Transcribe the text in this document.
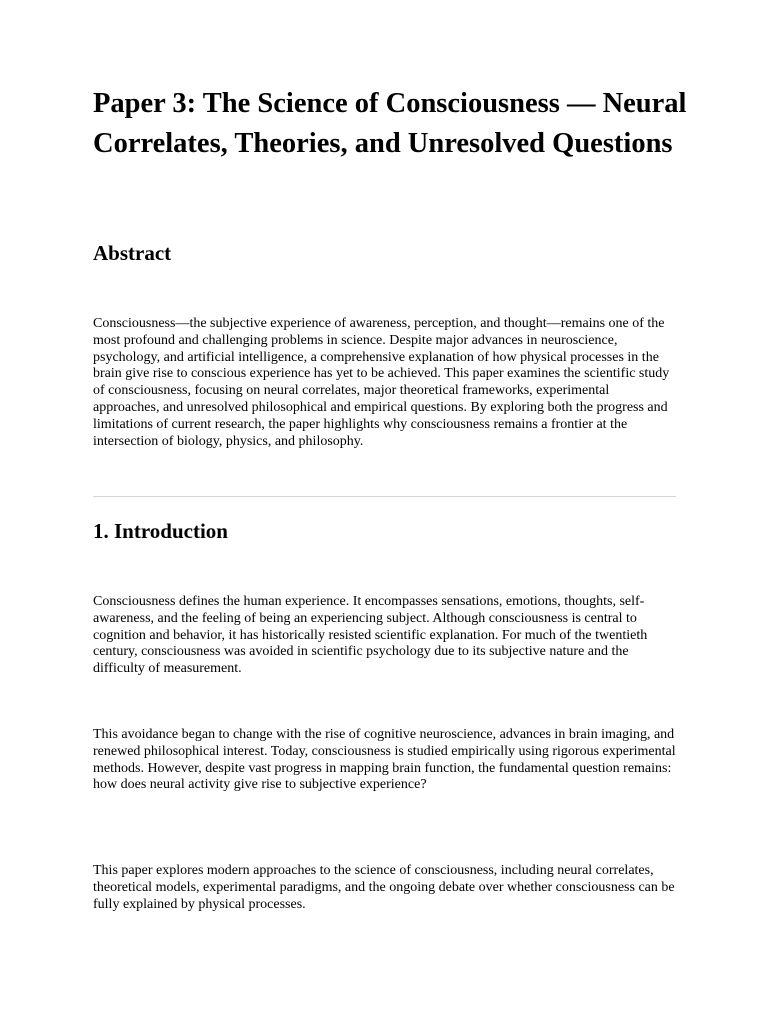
Paper 3: The Science of Consciousness — Neural Correlates, Theories, and Unresolved Questions
Abstract

Consciousness—the subjective experience of awareness, perception, and thought—remains one of the most profound and challenging problems in science. Despite major advances in neuroscience, psychology, and artificial intelligence, a comprehensive explanation of how physical processes in the brain give rise to conscious experience has yet to be achieved. This paper examines the scientific study of consciousness, focusing on neural correlates, major theoretical frameworks, experimental approaches, and unresolved philosophical and empirical questions. By exploring both the progress and limitations of current research, the paper highlights why consciousness remains a frontier at the intersection of biology, physics, and philosophy.

1. Introduction

Consciousness defines the human experience. It encompasses sensations, emotions, thoughts, self-awareness, and the feeling of being an experiencing subject. Although consciousness is central to cognition and behavior, it has historically resisted scientific explanation. For much of the twentieth century, consciousness was avoided in scientific psychology due to its subjective nature and the difficulty of measurement.

This avoidance began to change with the rise of cognitive neuroscience, advances in brain imaging, and renewed philosophical interest. Today, consciousness is studied empirically using rigorous experimental methods. However, despite vast progress in mapping brain function, the fundamental question remains: how does neural activity give rise to subjective experience?

This paper explores modern approaches to the science of consciousness, including neural correlates, theoretical models, experimental paradigms, and the ongoing debate over whether consciousness can be fully explained by physical processes.
